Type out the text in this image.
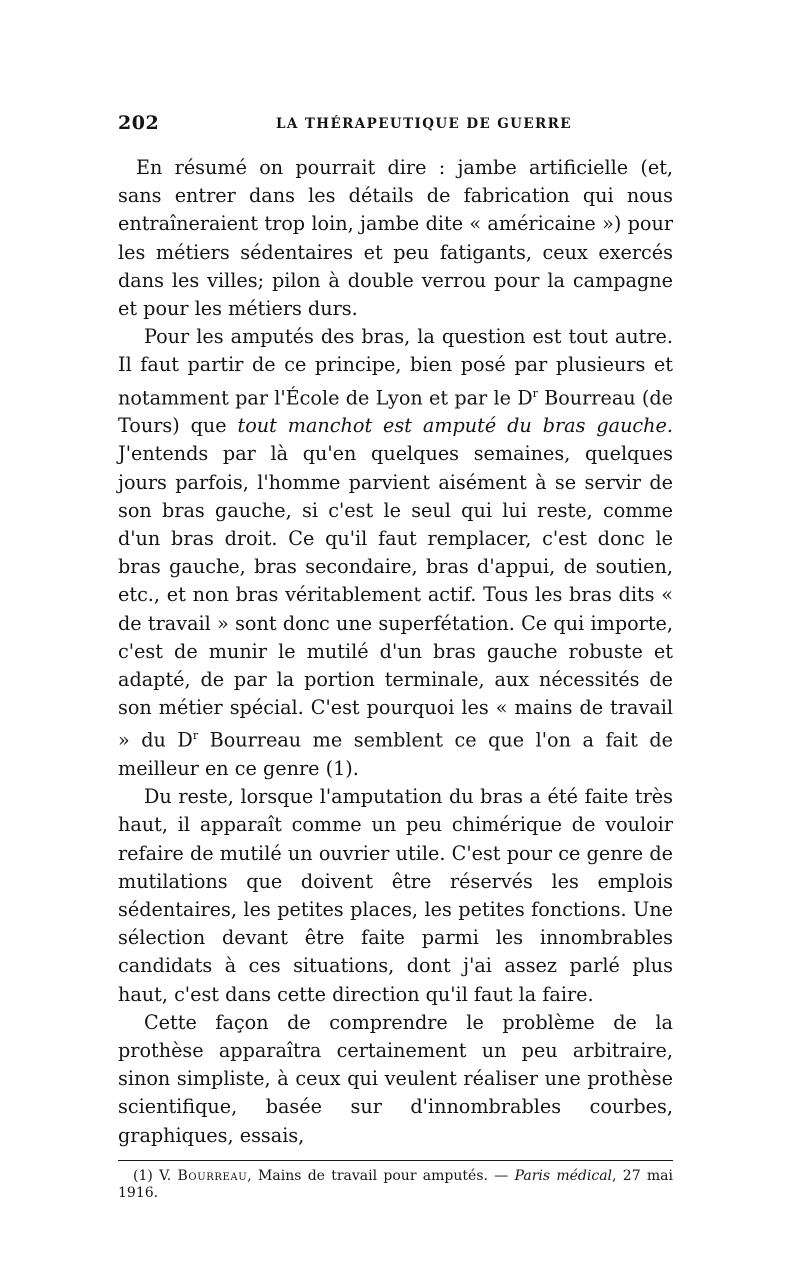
202	LA THÉRAPEUTIQUE DE GUERRE

En résumé on pourrait dire : jambe artificielle (et, sans entrer dans les détails de fabrication qui nous entraîneraient trop loin, jambe dite « américaine ») pour les métiers sédentaires et peu fatigants, ceux exercés dans les villes; pilon à double verrou pour la campagne et pour les métiers durs.

Pour les amputés des bras, la question est tout autre. Il faut partir de ce principe, bien posé par plusieurs et notamment par l'École de Lyon et par le $D^r$ Bourreau (de Tours) que tout manchot est amputé du bras gauche. J'entends par là qu'en quelques semaines, quelques jours parfois, l'homme parvient aisément à se servir de son bras gauche, si c'est le seul qui lui reste, comme d'un bras droit. Ce qu'il faut remplacer, c'est donc le bras gauche, bras secondaire, bras d'appui, de soutien, etc., et non bras véritablement actif. Tous les bras dits « de travail » sont donc une superfétation. Ce qui importe, c'est de munir le mutilé d'un bras gauche robuste et adapté, de par la portion terminale, aux nécessités de son métier spécial. C'est pourquoi les « mains de travail » du $D^r$ Bourreau me semblent ce que l'on a fait de meilleur en ce genre (1).

Du reste, lorsque l'amputation du bras a été faite très haut, il apparaît comme un peu chimérique de vouloir refaire de mutilé un ouvrier utile. C'est pour ce genre de mutilations que doivent être réservés les emplois sédentaires, les petites places, les petites fonctions. Une sélection devant être faite parmi les innombrables candidats à ces situations, dont j'ai assez parlé plus haut, c'est dans cette direction qu'il faut la faire.

Cette façon de comprendre le problème de la prothèse apparaîtra certainement un peu arbitraire, sinon simpliste, à ceux qui veulent réaliser une prothèse scientifique, basée sur d'innombrables courbes, graphiques, essais,

(1) V. Bourreau, Mains de travail pour amputés. — Paris médical, 27 mai 1916.
